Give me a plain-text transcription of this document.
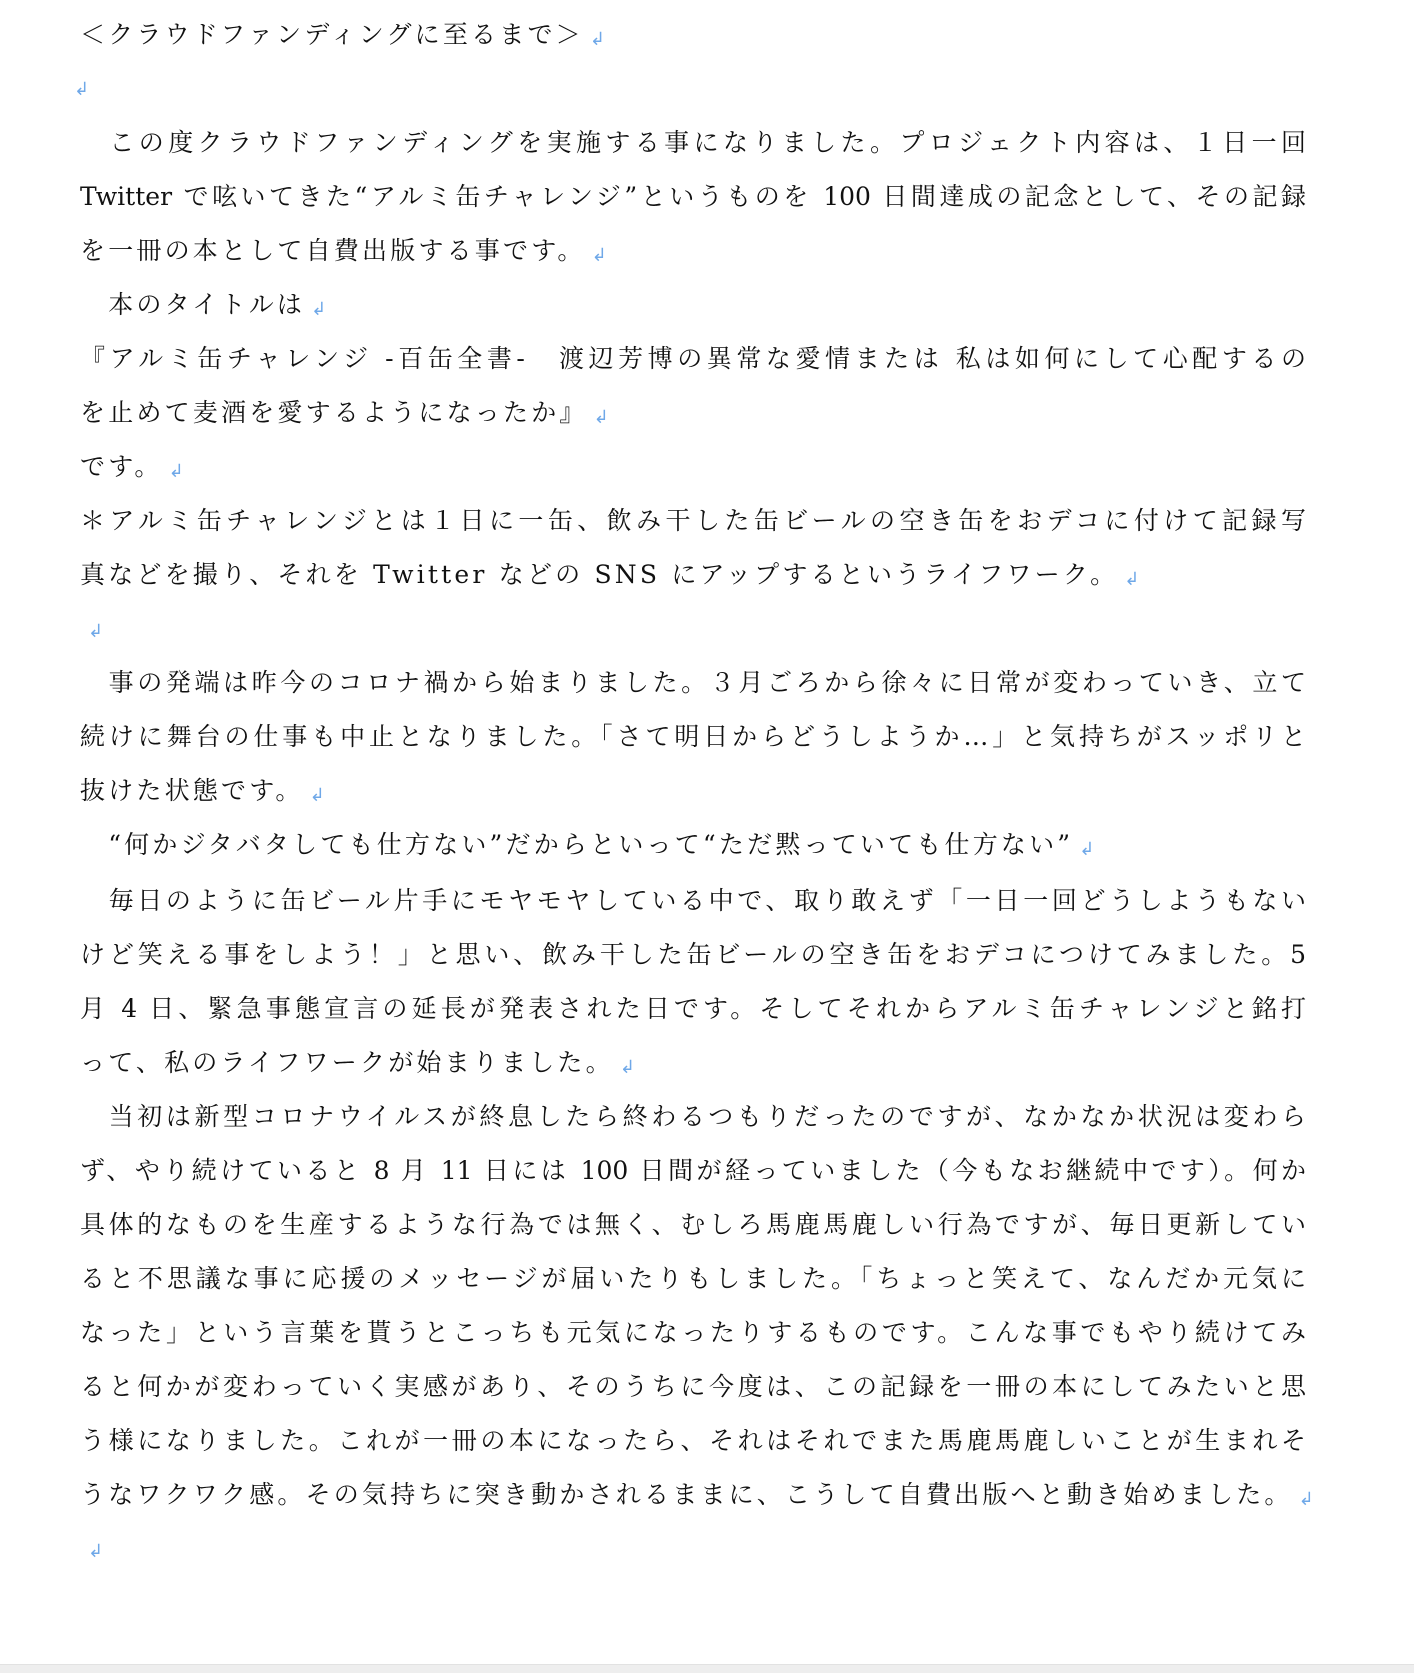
＜クラウドファンディングに至るまで＞ ↲
↲
　この度クラウドファンディングを実施する事になりました。プロジェクト内容は、１日一回
Twitter で呟いてきた“アルミ缶チャレンジ”というものを 100 日間達成の記念として、その記録
を一冊の本として自費出版する事です。 ↲
　本のタイトルは ↲
『アルミ缶チャレンジ -百缶全書-　渡辺芳博の異常な愛情または 私は如何にして心配するの
を止めて麦酒を愛するようになったか』 ↲
です。 ↲
＊アルミ缶チャレンジとは１日に一缶、飲み干した缶ビールの空き缶をおデコに付けて記録写
真などを撮り、それを Twitter などの SNS にアップするというライフワーク。 ↲
↲
　事の発端は昨今のコロナ禍から始まりました。３月ごろから徐々に日常が変わっていき、立て
続けに舞台の仕事も中止となりました。「さて明日からどうしようか…」と気持ちがスッポリと
抜けた状態です。 ↲
　“何かジタバタしても仕方ない”だからといって“ただ黙っていても仕方ない” ↲
　毎日のように缶ビール片手にモヤモヤしている中で、取り敢えず「一日一回どうしようもない
けど笑える事をしよう！」と思い、飲み干した缶ビールの空き缶をおデコにつけてみました。5
月 4 日、緊急事態宣言の延長が発表された日です。そしてそれからアルミ缶チャレンジと銘打
って、私のライフワークが始まりました。 ↲
　当初は新型コロナウイルスが終息したら終わるつもりだったのですが、なかなか状況は変わら
ず、やり続けていると 8 月 11 日には 100 日間が経っていました（今もなお継続中です）。何か
具体的なものを生産するような行為では無く、むしろ馬鹿馬鹿しい行為ですが、毎日更新してい
ると不思議な事に応援のメッセージが届いたりもしました。「ちょっと笑えて、なんだか元気に
なった」という言葉を貰うとこっちも元気になったりするものです。こんな事でもやり続けてみ
ると何かが変わっていく実感があり、そのうちに今度は、この記録を一冊の本にしてみたいと思
う様になりました。これが一冊の本になったら、それはそれでまた馬鹿馬鹿しいことが生まれそ
うなワクワク感。その気持ちに突き動かされるままに、こうして自費出版へと動き始めました。 ↲
↲
